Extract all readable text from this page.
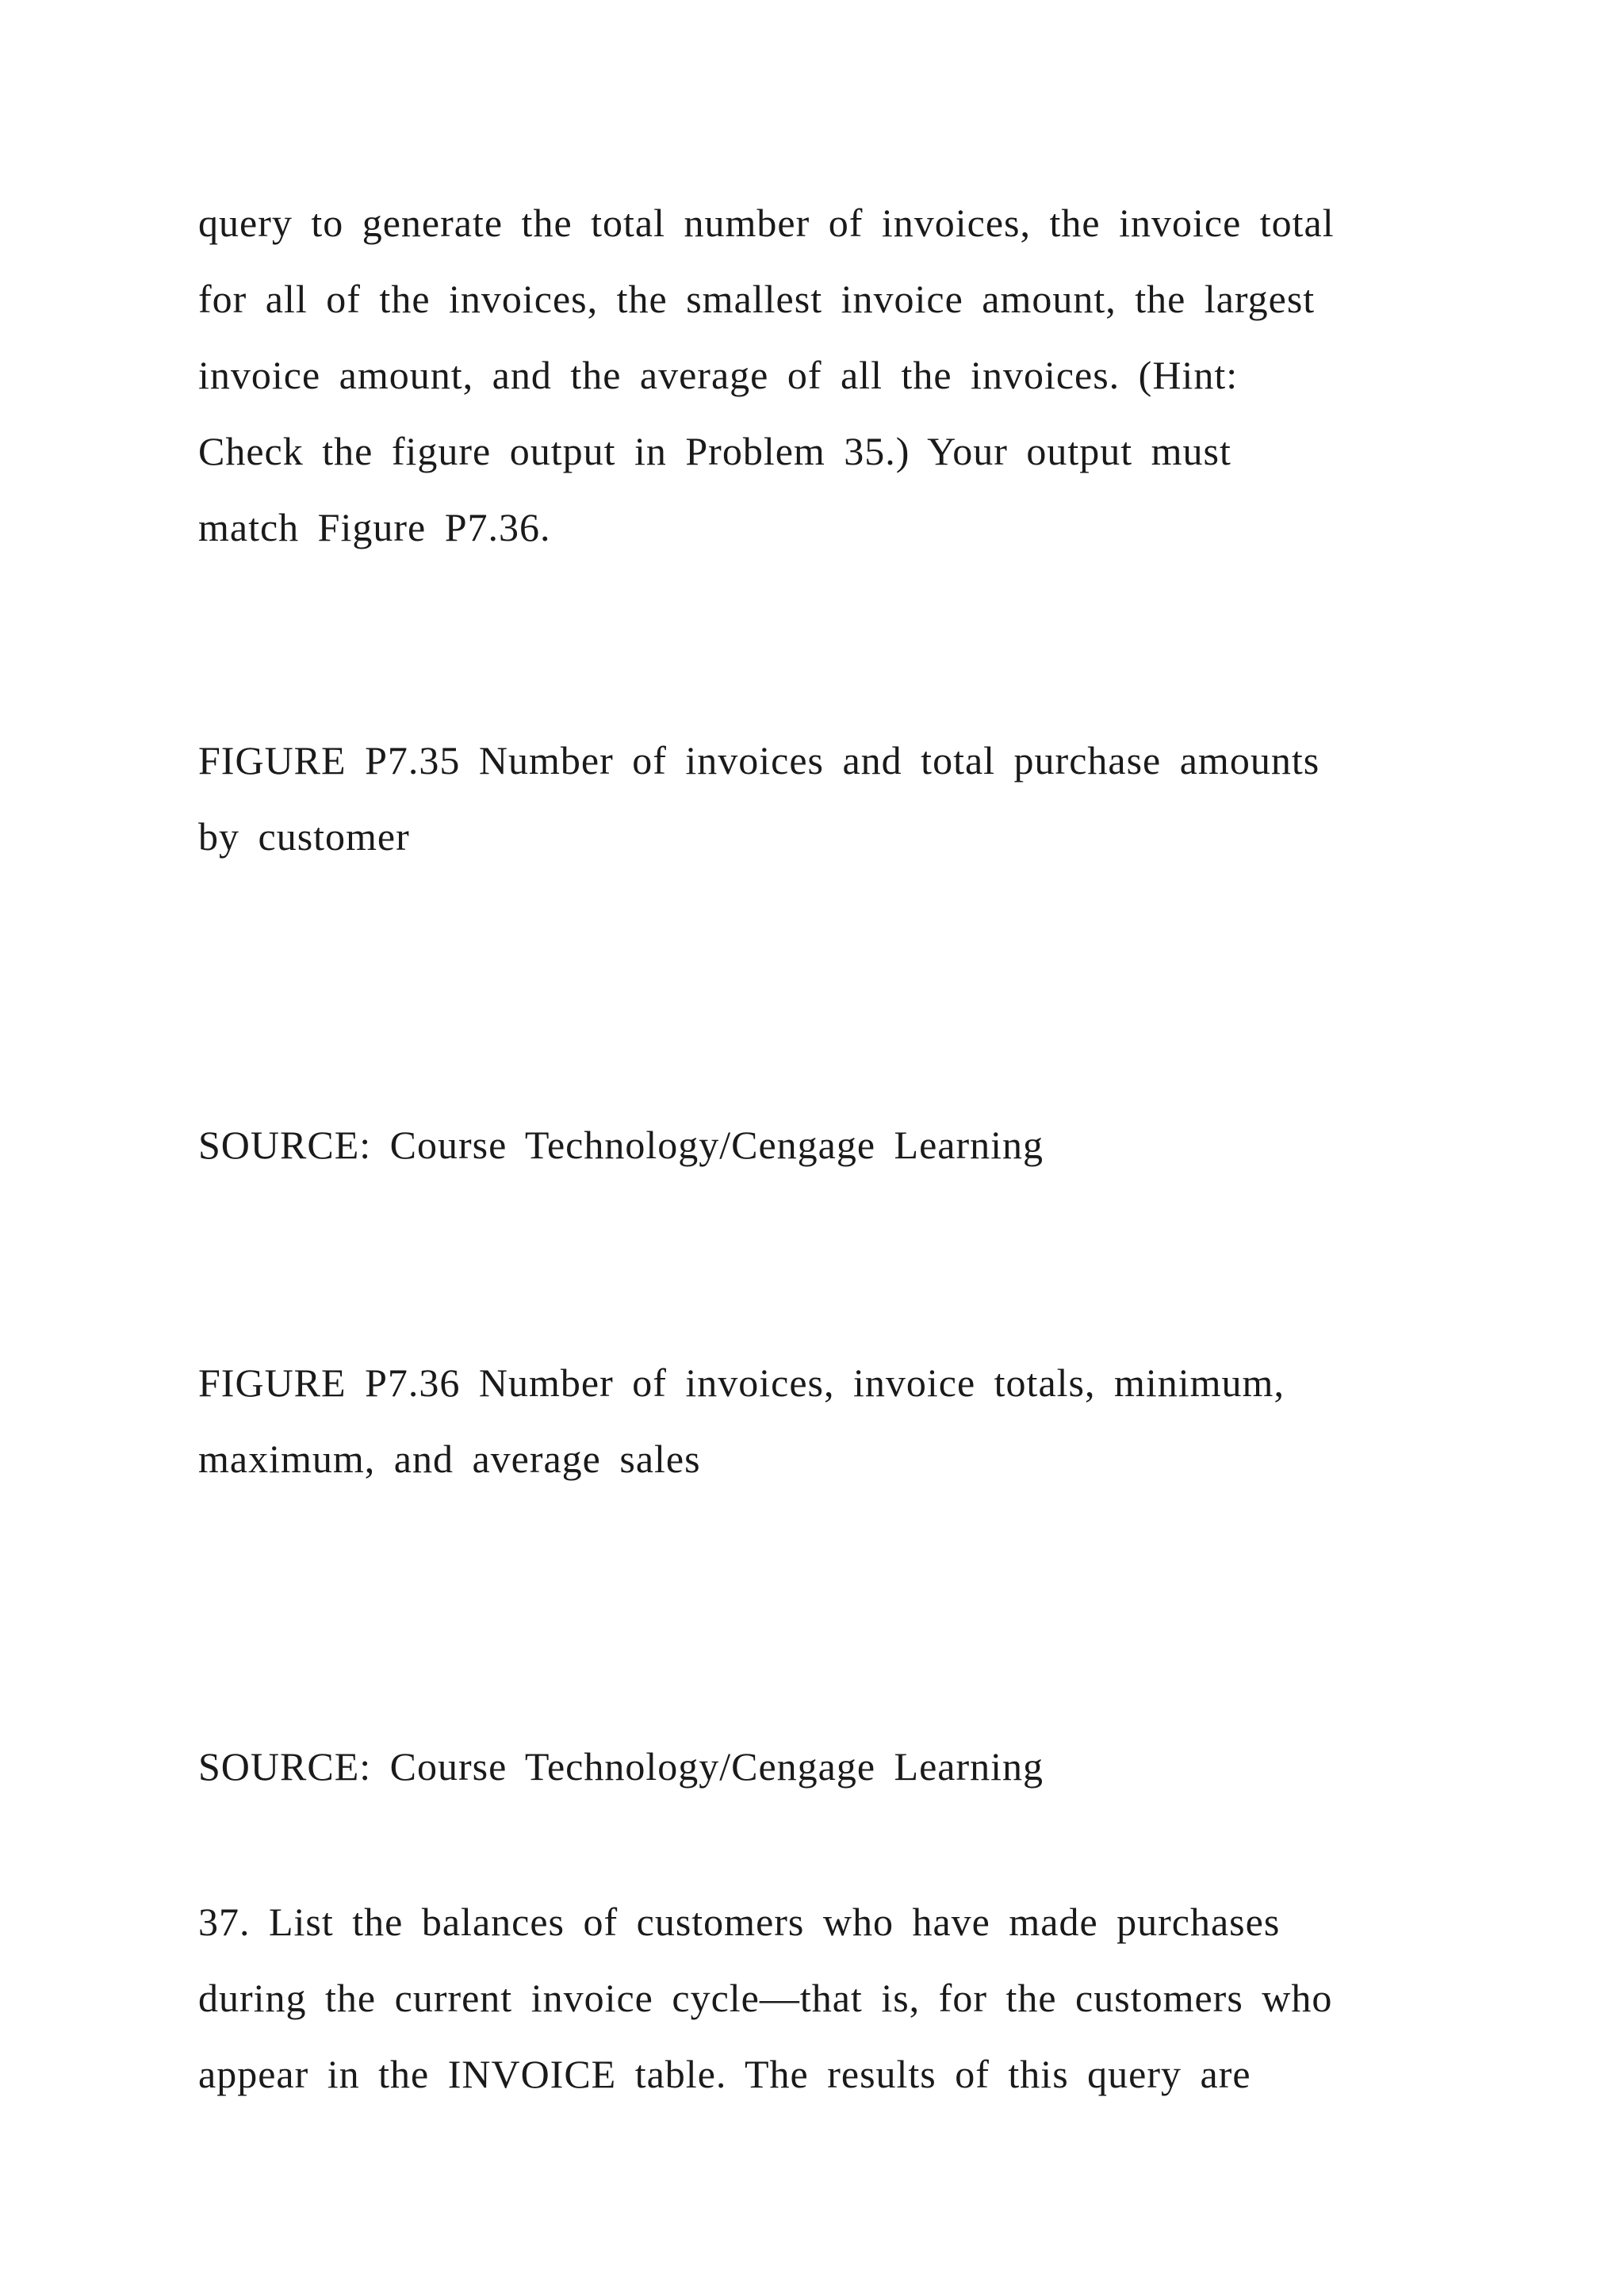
query to generate the total number of invoices, the invoice total
for all of the invoices, the smallest invoice amount, the largest
invoice amount, and the average of all the invoices. (Hint:
Check the figure output in Problem 35.) Your output must
match Figure P7.36.

FIGURE P7.35 Number of invoices and total purchase amounts
by customer

SOURCE: Course Technology/Cengage Learning

FIGURE P7.36 Number of invoices, invoice totals, minimum,
maximum, and average sales

SOURCE: Course Technology/Cengage Learning

37. List the balances of customers who have made purchases
during the current invoice cycle—that is, for the customers who
appear in the INVOICE table. The results of this query are
